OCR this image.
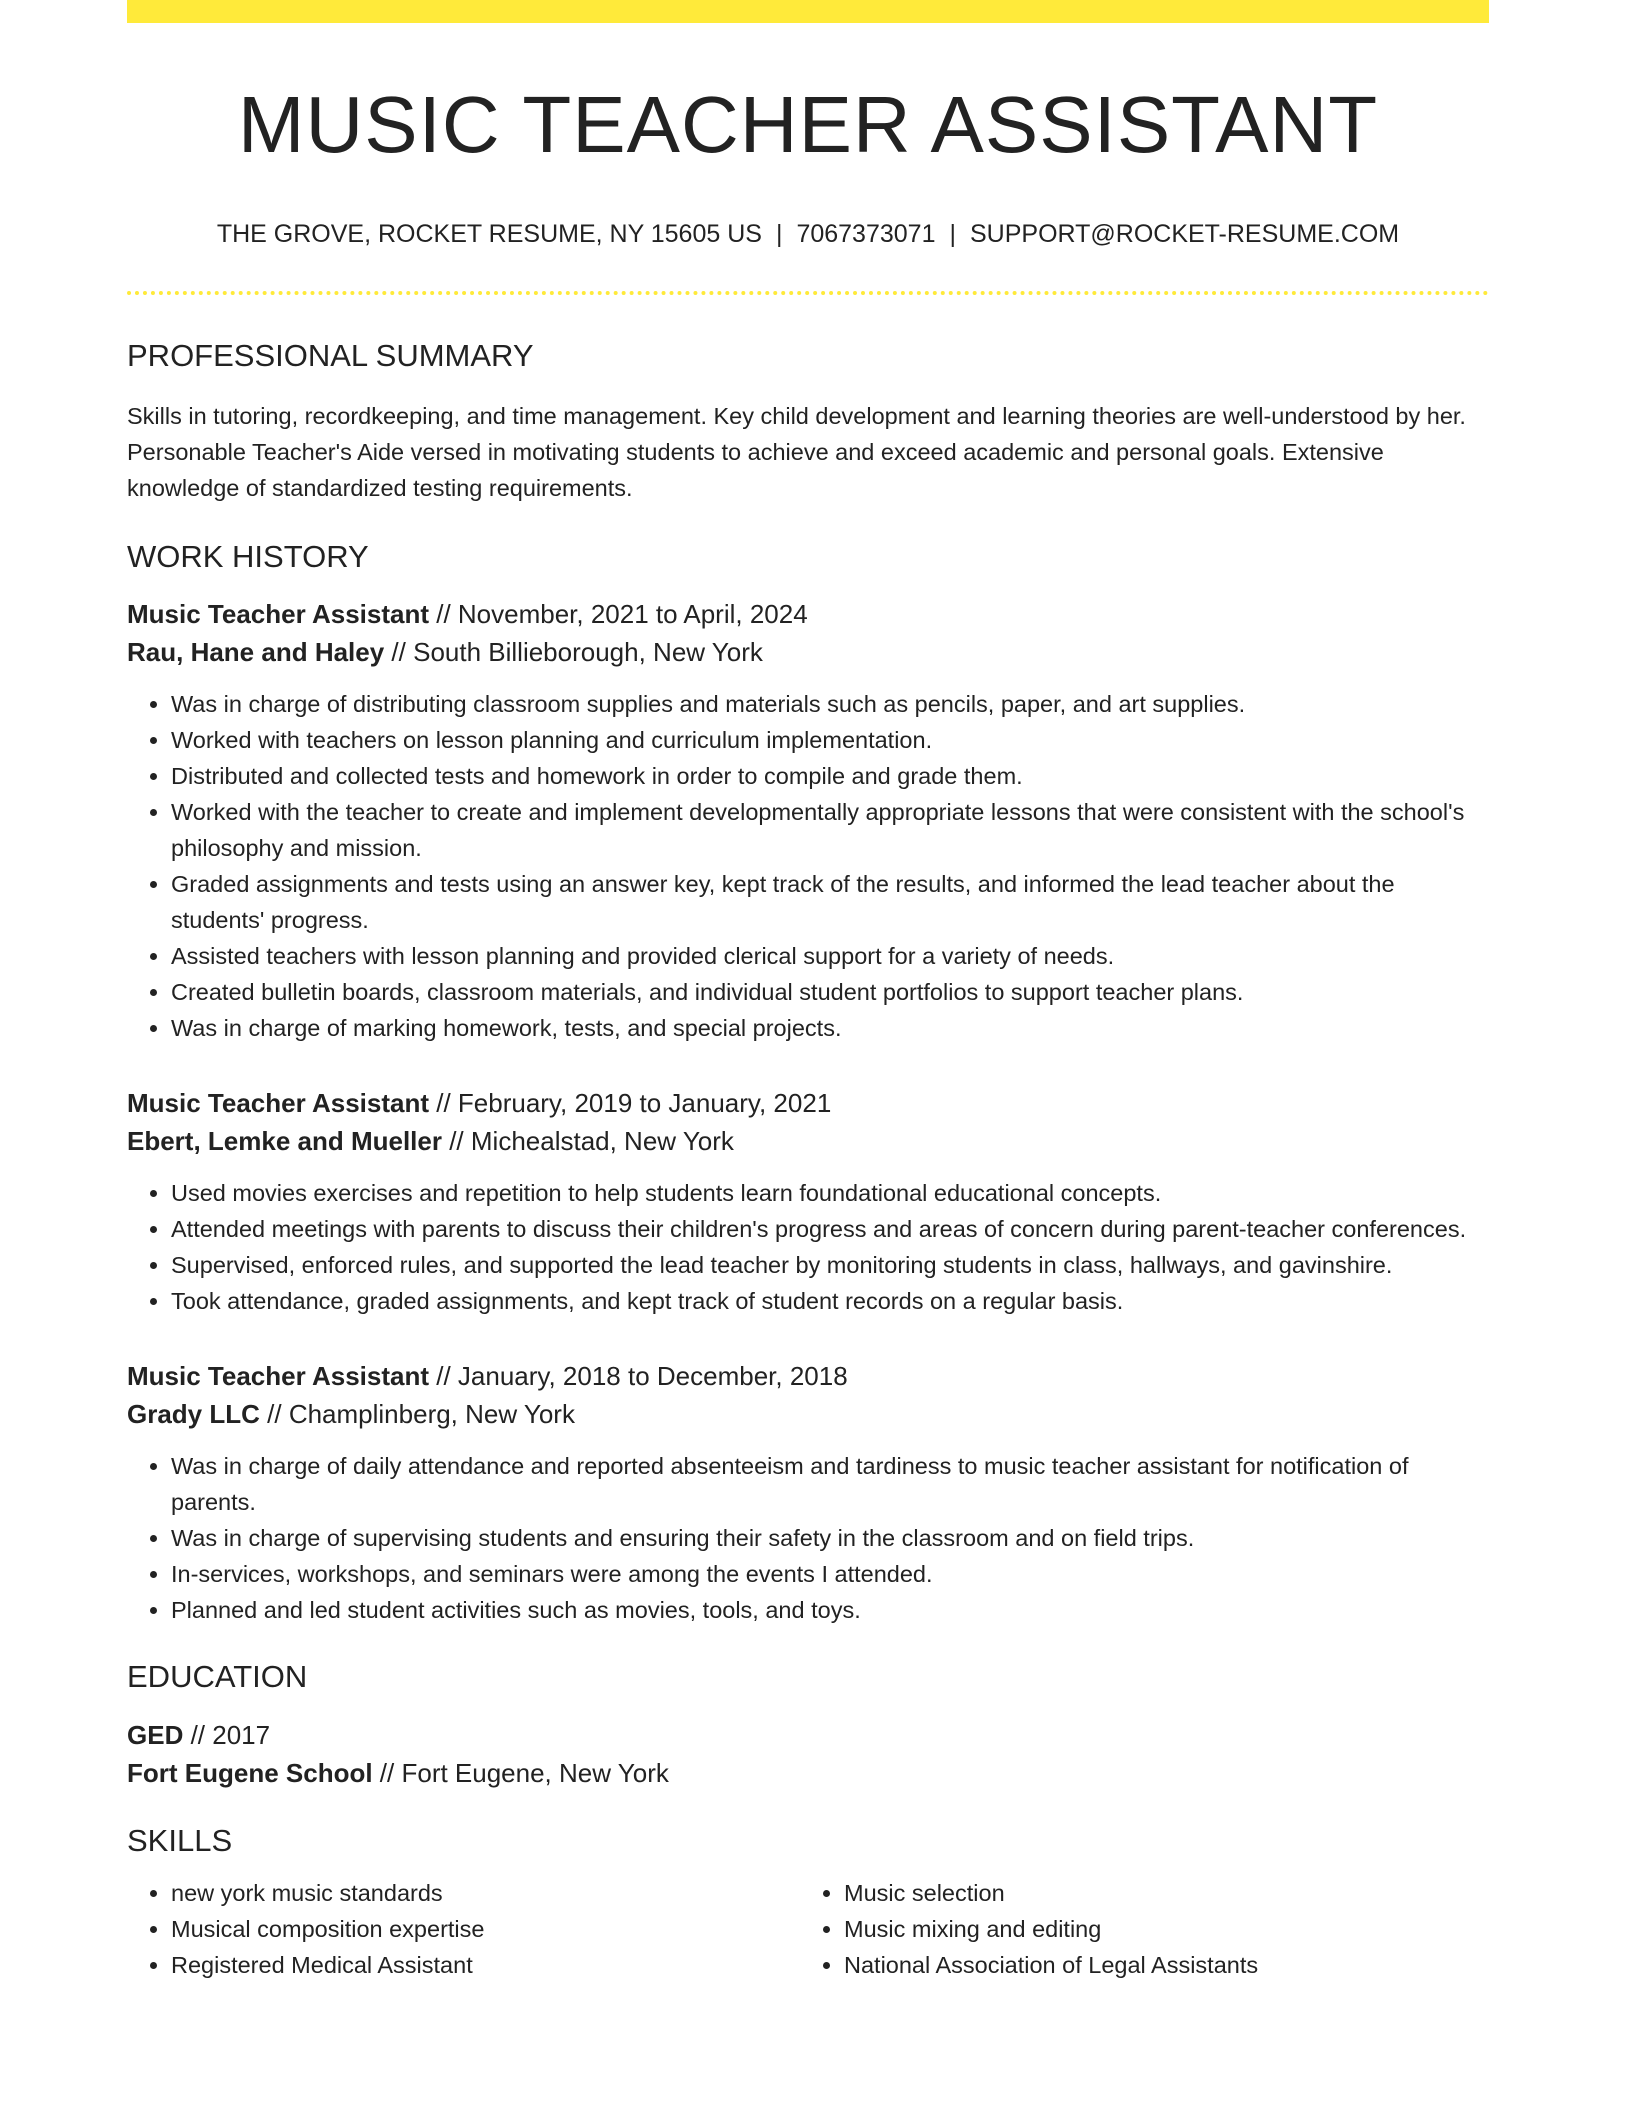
MUSIC TEACHER ASSISTANT
THE GROVE, ROCKET RESUME, NY 15605 US | 7067373071 | SUPPORT@ROCKET-RESUME.COM
PROFESSIONAL SUMMARY
Skills in tutoring, recordkeeping, and time management. Key child development and learning theories are well-understood by her. Personable Teacher's Aide versed in motivating students to achieve and exceed academic and personal goals. Extensive knowledge of standardized testing requirements.
WORK HISTORY
Music Teacher Assistant // November, 2021 to April, 2024
Rau, Hane and Haley // South Billieborough, New York
• Was in charge of distributing classroom supplies and materials such as pencils, paper, and art supplies.
• Worked with teachers on lesson planning and curriculum implementation.
• Distributed and collected tests and homework in order to compile and grade them.
• Worked with the teacher to create and implement developmentally appropriate lessons that were consistent with the school's philosophy and mission.
• Graded assignments and tests using an answer key, kept track of the results, and informed the lead teacher about the students' progress.
• Assisted teachers with lesson planning and provided clerical support for a variety of needs.
• Created bulletin boards, classroom materials, and individual student portfolios to support teacher plans.
• Was in charge of marking homework, tests, and special projects.
Music Teacher Assistant // February, 2019 to January, 2021
Ebert, Lemke and Mueller // Michealstad, New York
• Used movies exercises and repetition to help students learn foundational educational concepts.
• Attended meetings with parents to discuss their children's progress and areas of concern during parent-teacher conferences.
• Supervised, enforced rules, and supported the lead teacher by monitoring students in class, hallways, and gavinshire.
• Took attendance, graded assignments, and kept track of student records on a regular basis.
Music Teacher Assistant // January, 2018 to December, 2018
Grady LLC // Champlinberg, New York
• Was in charge of daily attendance and reported absenteeism and tardiness to music teacher assistant for notification of parents.
• Was in charge of supervising students and ensuring their safety in the classroom and on field trips.
• In-services, workshops, and seminars were among the events I attended.
• Planned and led student activities such as movies, tools, and toys.
EDUCATION
GED // 2017
Fort Eugene School // Fort Eugene, New York
SKILLS
• new york music standards
• Musical composition expertise
• Registered Medical Assistant
• Music selection
• Music mixing and editing
• National Association of Legal Assistants
